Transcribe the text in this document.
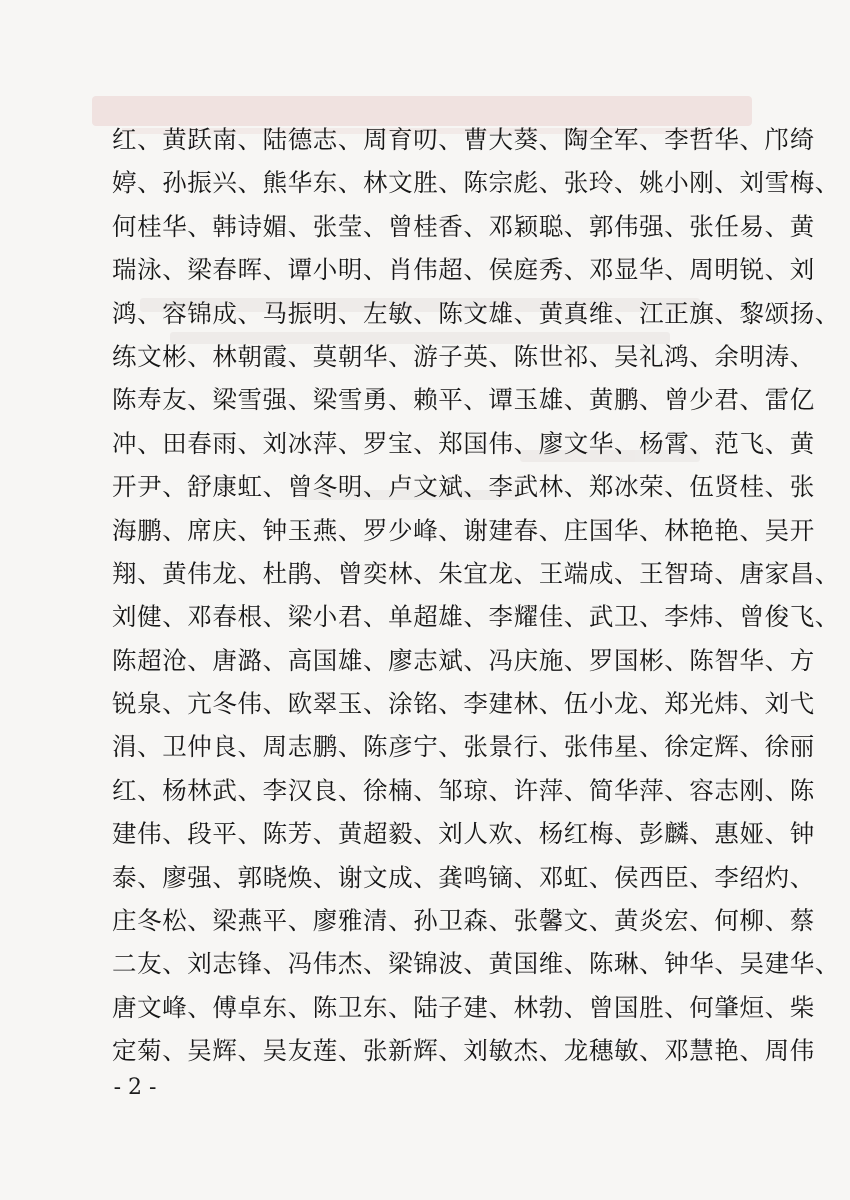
红、黄跃南、陆德志、周育叨、曹大葵、陶全军、李哲华、邝绮
婷、孙振兴、熊华东、林文胜、陈宗彪、张玲、姚小刚、刘雪梅、
何桂华、韩诗媚、张莹、曾桂香、邓颖聪、郭伟强、张任易、黄
瑞泳、梁春晖、谭小明、肖伟超、侯庭秀、邓显华、周明锐、刘
鸿、容锦成、马振明、左敏、陈文雄、黄真维、江正旗、黎颂扬、
练文彬、林朝霞、莫朝华、游子英、陈世祁、吴礼鸿、余明涛、
陈寿友、梁雪强、梁雪勇、赖平、谭玉雄、黄鹏、曾少君、雷亿
冲、田春雨、刘冰萍、罗宝、郑国伟、廖文华、杨霄、范飞、黄
开尹、舒康虹、曾冬明、卢文斌、李武林、郑冰荣、伍贤桂、张
海鹏、席庆、钟玉燕、罗少峰、谢建春、庄国华、林艳艳、吴开
翔、黄伟龙、杜鹃、曾奕林、朱宜龙、王端成、王智琦、唐家昌、
刘健、邓春根、梁小君、单超雄、李耀佳、武卫、李炜、曾俊飞、
陈超沧、唐潞、高国雄、廖志斌、冯庆施、罗国彬、陈智华、方
锐泉、亢冬伟、欧翠玉、涂铭、李建林、伍小龙、郑光炜、刘弋
涓、卫仲良、周志鹏、陈彦宁、张景行、张伟星、徐定辉、徐丽
红、杨林武、李汉良、徐楠、邹琼、许萍、简华萍、容志刚、陈
建伟、段平、陈芳、黄超毅、刘人欢、杨红梅、彭麟、惠娅、钟
泰、廖强、郭晓焕、谢文成、龚鸣镝、邓虹、侯西臣、李绍灼、
庄冬松、梁燕平、廖雅清、孙卫森、张馨文、黄炎宏、何柳、蔡
二友、刘志锋、冯伟杰、梁锦波、黄国维、陈琳、钟华、吴建华、
唐文峰、傅卓东、陈卫东、陆子建、林勃、曾国胜、何肇烜、柴
定菊、吴辉、吴友莲、张新辉、刘敏杰、龙穗敏、邓慧艳、周伟
- 2 -
